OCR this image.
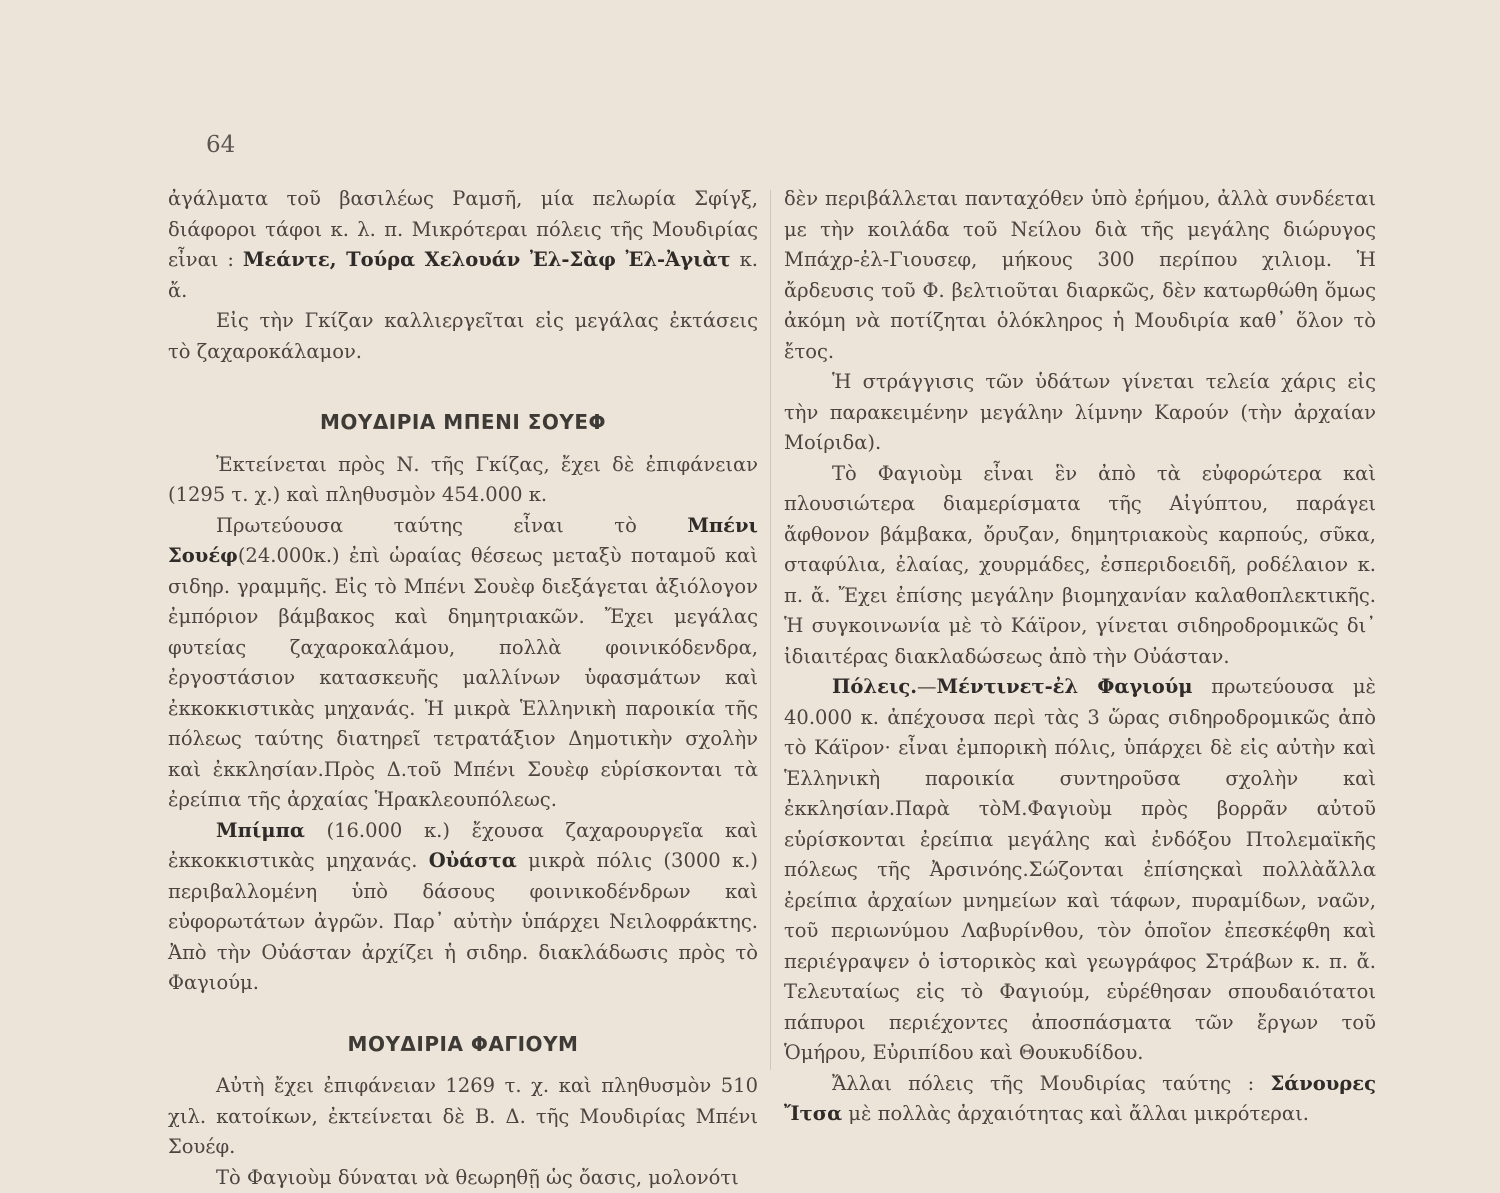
64

ἀγάλματα τοῦ βασιλέως Ραμσῆ, μία πελωρία Σφίγξ, διάφοροι τάφοι κ. λ. π. Μικρότεραι πόλεις τῆς Μουδιρίας εἶναι : Μεάντε, Τούρα Χελουάν Ἐλ-Σὰφ Ἐλ-Ἀγιὰτ κ. ἄ.

Εἰς τὴν Γκίζαν καλλιεργεῖται εἰς μεγάλας ἐκτάσεις τὸ ζαχαροκάλαμον.

ΜΟΥΔΙΡΙΑ ΜΠΕΝΙ ΣΟΥΕΦ

Ἐκτείνεται πρὸς Ν. τῆς Γκίζας, ἔχει δὲ ἐπιφάνειαν (1295 τ. χ.) καὶ πληθυσμὸν 454.000 κ.

Πρωτεύουσα ταύτης εἶναι τὸ Μπένι Σουέφ(24.000κ.) ἐπὶ ὡραίας θέσεως μεταξὺ ποταμοῦ καὶ σιδηρ. γραμμῆς. Εἰς τὸ Μπένι Σουὲφ διεξάγεται ἀξιόλογον ἐμπόριον βάμβακος καὶ δημητριακῶν. Ἔχει μεγάλας φυτείας ζαχαροκαλάμου, πολλὰ φοινικόδενδρα, ἐργοστάσιον κατασκευῆς μαλλίνων ὑφασμάτων καὶ ἐκκοκκιστικὰς μηχανάς. Ἡ μικρὰ Ἑλληνικὴ παροικία τῆς πόλεως ταύτης διατηρεῖ τετρατάξιον Δημοτικὴν σχολὴν καὶ ἐκκλησίαν.Πρὸς Δ.τοῦ Μπένι Σουὲφ εὑρίσκονται τὰ ἐρείπια τῆς ἀρχαίας Ἡρακλεουπόλεως.

Μπίμπα (16.000 κ.) ἔχουσα ζαχαρουργεῖα καὶ ἐκκοκκιστικὰς μηχανάς. Οὐάστα μικρὰ πόλις (3000 κ.) περιβαλλομένη ὑπὸ δάσους φοινικοδένδρων καὶ εὐφορωτάτων ἀγρῶν. Παρ᾽ αὐτὴν ὑπάρχει Νειλοφράκτης. Ἀπὸ τὴν Οὐάσταν ἀρχίζει ἡ σιδηρ. διακλάδωσις πρὸς τὸ Φαγιούμ.

ΜΟΥΔΙΡΙΑ ΦΑΓΙΟΥΜ

Αὐτὴ ἔχει ἐπιφάνειαν 1269 τ. χ. καὶ πληθυσμὸν 510 χιλ. κατοίκων, ἐκτείνεται δὲ Β. Δ. τῆς Μουδιρίας Μπένι Σουέφ.

Τὸ Φαγιοὺμ δύναται νὰ θεωρηθῇ ὡς ὄασις, μολονότι

δὲν περιβάλλεται πανταχόθεν ὑπὸ ἐρήμου, ἀλλὰ συνδέεται με τὴν κοιλάδα τοῦ Νείλου διὰ τῆς μεγάλης διώρυγος Μπάχρ-ἐλ-Γιουσεφ, μήκους 300 περίπου χιλιομ. Ἡ ἄρδευσις τοῦ Φ. βελτιοῦται διαρκῶς, δὲν κατωρθώθη ὅμως ἀκόμη νὰ ποτίζηται ὁλόκληρος ἡ Μουδιρία καθ᾽ ὅλον τὸ ἔτος.

Ἡ στράγγισις τῶν ὑδάτων γίνεται τελεία χάρις εἰς τὴν παρακειμένην μεγάλην λίμνην Καρούν (τὴν ἀρχαίαν Μοίριδα).

Τὸ Φαγιοὺμ εἶναι ἓν ἀπὸ τὰ εὐφορώτερα καὶ πλουσιώτερα διαμερίσματα τῆς Αἰγύπτου, παράγει ἄφθονον βάμβακα, ὄρυζαν, δημητριακοὺς καρπούς, σῦκα, σταφύλια, ἐλαίας, χουρμάδες, ἐσπεριδοειδῆ, ροδέλαιον κ. π. ἄ. Ἔχει ἐπίσης μεγάλην βιομηχανίαν καλαθοπλεκτικῆς. Ἡ συγκοινωνία μὲ τὸ Κάϊρον, γίνεται σιδηροδρομικῶς δι᾽ ἰδιαιτέρας διακλαδώσεως ἀπὸ τὴν Οὐάσταν.

Πόλεις.—Μέντινετ-ἐλ Φαγιούμ πρωτεύουσα μὲ 40.000 κ. ἀπέχουσα περὶ τὰς 3 ὥρας σιδηροδρομικῶς ἀπὸ τὸ Κάϊρον· εἶναι ἐμπορικὴ πόλις, ὑπάρχει δὲ εἰς αὐτὴν καὶ Ἑλληνικὴ παροικία συντηροῦσα σχολὴν καὶ ἐκκλησίαν.Παρὰ τὸΜ.Φαγιοὺμ πρὸς βορρᾶν αὐτοῦ εὑρίσκονται ἐρείπια μεγάλης καὶ ἐνδόξου Πτολεμαϊκῆς πόλεως τῆς Ἀρσινόης.Σώζονται ἐπίσηςκαὶ πολλὰἄλλα ἐρείπια ἀρχαίων μνημείων καὶ τάφων, πυραμίδων, ναῶν, τοῦ περιωνύμου Λαβυρίνθου, τὸν ὁποῖον ἐπεσκέφθη καὶ περιέγραψεν ὁ ἱστορικὸς καὶ γεωγράφος Στράβων κ. π. ἄ. Τελευταίως εἰς τὸ Φαγιούμ, εὑρέθησαν σπουδαιότατοι πάπυροι περιέχοντες ἀποσπάσματα τῶν ἔργων τοῦ Ὁμήρου, Εὐριπίδου καὶ Θουκυδίδου.

Ἄλλαι πόλεις τῆς Μουδιρίας ταύτης : Σάνουρες Ἴτσα μὲ πολλὰς ἀρχαιότητας καὶ ἄλλαι μικρότεραι.
